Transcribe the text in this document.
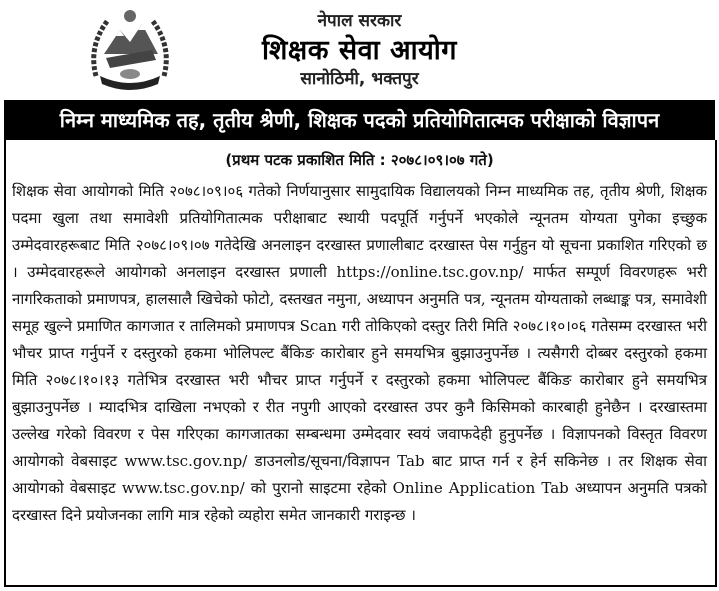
नेपाल सरकार
शिक्षक सेवा आयोग
सानोठिमी, भक्तपुर
निम्न माध्यमिक तह, तृतीय श्रेणी, शिक्षक पदको प्रतियोगितात्मक परीक्षाको विज्ञापन
(प्रथम पटक प्रकाशित मिति : २०७८।०९।०७ गते)
शिक्षक सेवा आयोगको मिति २०७८।०९।०६ गतेको निर्णयानुसार सामुदायिक विद्यालयको निम्न माध्यमिक तह, तृतीय श्रेणी, शिक्षक पदमा खुला तथा समावेशी प्रतियोगितात्मक परीक्षाबाट स्थायी पदपूर्ति गर्नुपर्ने भएकोले न्यूनतम योग्यता पुगेका इच्छुक उम्मेदवारहरूबाट मिति २०७८।०९।०७ गतेदेखि अनलाइन दरखास्त प्रणालीबाट दरखास्त पेस गर्नुहुन यो सूचना प्रकाशित गरिएको छ । उम्मेदवारहरूले आयोगको अनलाइन दरखास्त प्रणाली https://online.tsc.gov.np/ मार्फत सम्पूर्ण विवरणहरू भरी नागरिकताको प्रमाणपत्र, हालसालै खिचेको फोटो, दस्तखत नमुना, अध्यापन अनुमति पत्र, न्यूनतम योग्यताको लब्धाङ्क पत्र, समावेशी समूह खुल्ने प्रमाणित कागजात र तालिमको प्रमाणपत्र Scan गरी तोकिएको दस्तुर तिरी मिति २०७८।१०।०६ गतेसम्म दरखास्त भरी भौचर प्राप्त गर्नुपर्ने र दस्तुरको हकमा भोलिपल्ट बैंकिङ कारोबार हुने समयभित्र बुझाउनुपर्नेछ । त्यसैगरी दोब्बर दस्तुरको हकमा मिति २०७८।१०।१३ गतेभित्र दरखास्त भरी भौचर प्राप्त गर्नुपर्ने र दस्तुरको हकमा भोलिपल्ट बैंकिङ कारोबार हुने समयभित्र बुझाउनुपर्नेछ । म्यादभित्र दाखिला नभएको र रीत नपुगी आएको दरखास्त उपर कुनै किसिमको कारबाही हुनेछैन । दरखास्तमा उल्लेख गरेको विवरण र पेस गरिएका कागजातका सम्बन्धमा उम्मेदवार स्वयं जवाफदेही हुनुपर्नेछ । विज्ञापनको विस्तृत विवरण आयोगको वेबसाइट www.tsc.gov.np/ डाउनलोड/सूचना/विज्ञापन Tab बाट प्राप्त गर्न र हेर्न सकिनेछ । तर शिक्षक सेवा आयोगको वेबसाइट www.tsc.gov.np/ को पुरानो साइटमा रहेको Online Application Tab अध्यापन अनुमति पत्रको दरखास्त दिने प्रयोजनका लागि मात्र रहेको व्यहोरा समेत जानकारी गराइन्छ ।
